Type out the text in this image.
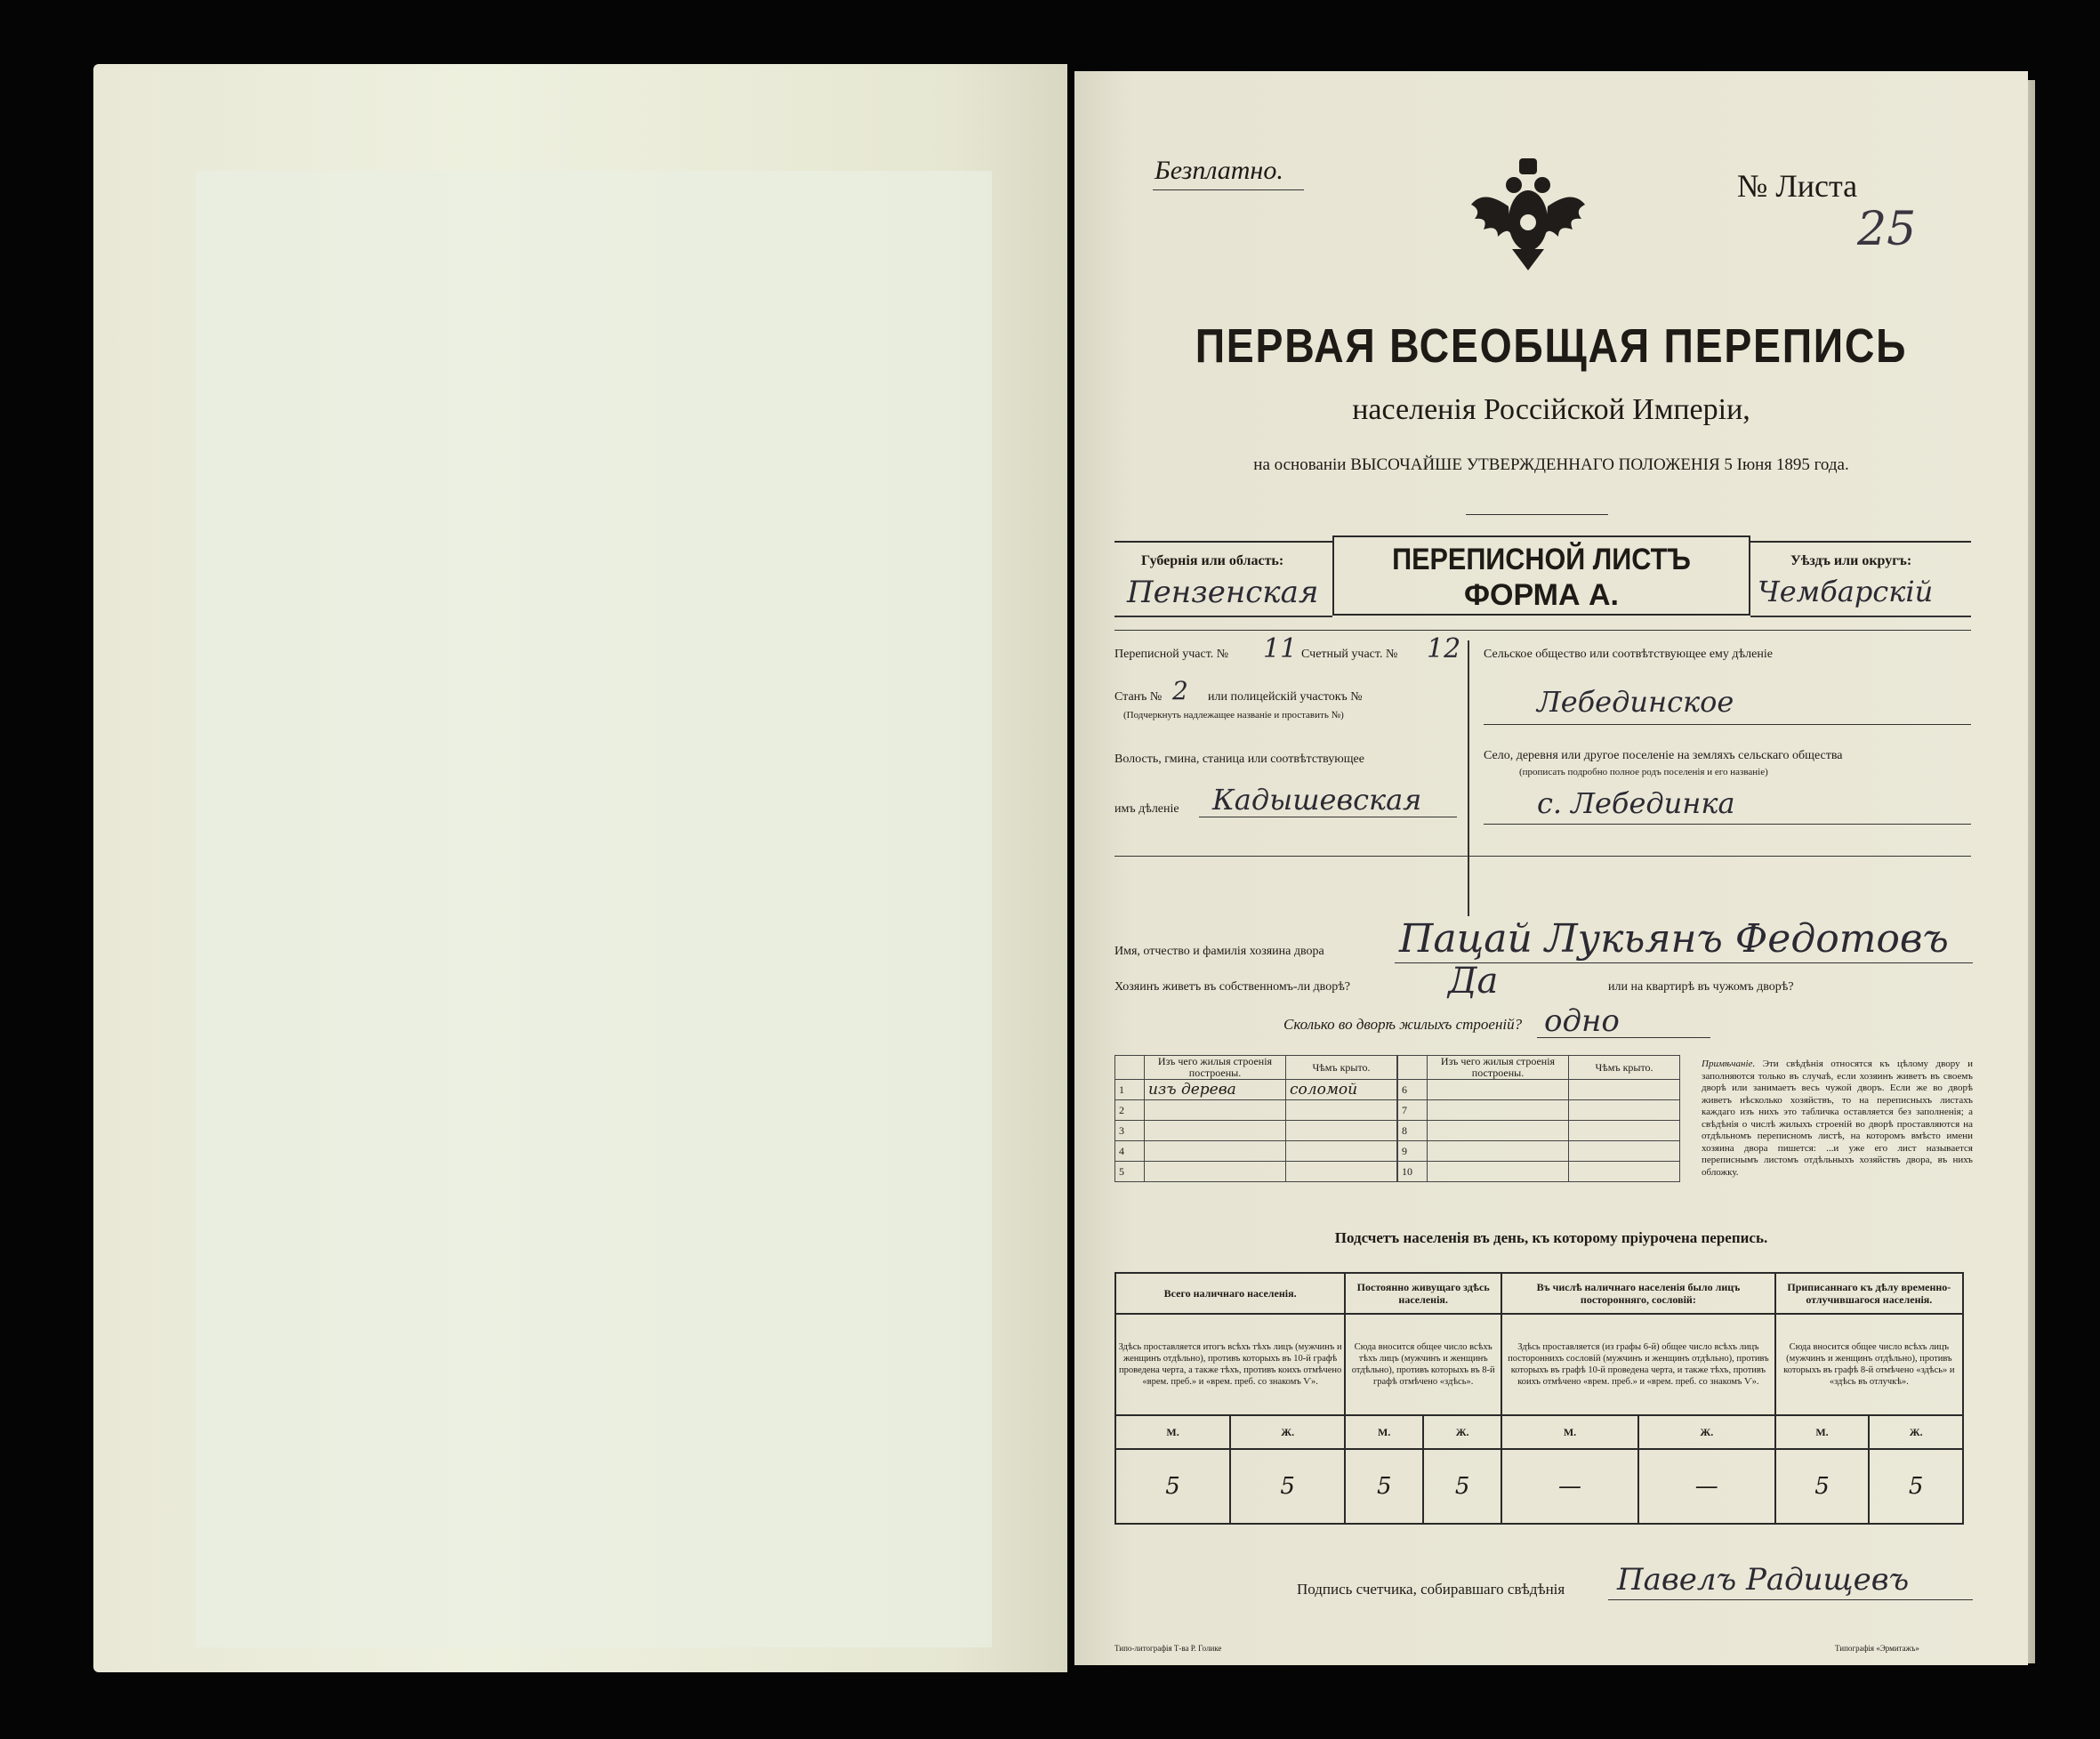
Безплатно.	№ Листа
25
ПЕРВАЯ ВСЕОБЩАЯ ПЕРЕПИСЬ
населенія Россійской Имперіи,
на основаніи ВЫСОЧАЙШЕ УТВЕРЖДЕННАГО ПОЛОЖЕНІЯ 5 Іюня 1895 года.
Губернія или область:
Пензенская
ПЕРЕПИСНОЙ ЛИСТЪ
ФОРМА А.
Уѣздъ или округъ:
Чембарскій
Переписной участ. № 11 Счетный участ. № 12
Станъ № 2 или полицейскій участокъ №
(Подчеркнуть надлежащее названіе и проставить №)
Волость, гмина, станица или соотвѣтствующее
имъ дѣленіе Кадышевская
Сельское общество или соотвѣтствующее ему дѣленіе
Лебединское
Село, деревня или другое поселеніе на земляхъ сельскаго общества
(прописать подробно полное родъ поселенія и его названіе)
с. Лебединка
Имя, отчество и фамилія хозяина двора Пацай Лукьянъ Федотовъ
Хозяинъ живетъ въ собственномъ-ли дворѣ?	Да	или на квартирѣ въ чужомъ дворѣ?
Сколько во дворѣ жилыхъ строеній? одно
	Изъ чего жилыя строенія построены.	Чѣмъ крыто.
1	изъ дерева	соломой
2		
3		
4		
5		
	Изъ чего жилыя строенія построены.	Чѣмъ крыто.
6		
7		
8		
9		
10		
Примѣчаніе. Эти свѣдѣнія относятся къ цѣлому двору и заполняются только въ случаѣ, если хозяинъ живетъ въ своемъ дворѣ или занимаетъ весь чужой дворъ. Если же во дворѣ живетъ нѣсколько хозяйствъ, то на переписныхъ листахъ каждаго изъ нихъ это табличка оставляется без заполненія; а свѣдѣнія о числѣ жилыхъ строеній во дворѣ проставляются на отдѣльномъ переписномъ листѣ, на которомъ вмѣсто имени хозяина двора пишется: ...и уже его лист называется переписнымъ листомъ отдѣльныхъ хозяйствъ двора, въ нихъ обложку.
Подсчетъ населенія въ день, къ которому пріурочена перепись.
Всего наличнаго населенія.		Постоянно живущаго здѣсь населенія.		Въ числѣ наличнаго населенія было лицъ посторонняго, сословій:		Приписаннаго къ дѣлу временно-отлучившагося населенія.	
Здѣсь проставляется итогъ всѣхъ тѣхъ лицъ (мужчинъ и женщинъ отдѣльно), противъ которыхъ въ 10-й графѣ проведена черта, а также тѣхъ, противъ коихъ отмѣчено «врем. преб.» и «врем. преб. со знакомъ Ѵ».		Сюда вносится общее число всѣхъ тѣхъ лицъ (мужчинъ и женщинъ отдѣльно), противъ которыхъ въ 8-й графѣ отмѣчено «здѣсь».		Здѣсь проставляется (из графы 6-й) общее число всѣхъ лицъ постороннихъ сословій (мужчинъ и женщинъ отдѣльно), противъ которыхъ въ графѣ 10-й проведена черта, и также тѣхъ, противъ коихъ отмѣчено «врем. преб.» и «врем. преб. со знакомъ Ѵ».		Сюда вносится общее число всѣхъ лицъ (мужчинъ и женщинъ отдѣльно), противъ которыхъ въ графѣ 8-й отмѣчено «здѣсь» и «здѣсь въ отлучкѣ».	
М.	Ж.	М.	Ж.	М.	Ж.	М.	Ж.
5	5	5	5	—	—	5	5
Подпись счетчика, собиравшаго свѣдѣнія Павелъ Радищевъ
Типо-литографія Т-ва Р. Голике	Типографія «Эрмитажъ»
